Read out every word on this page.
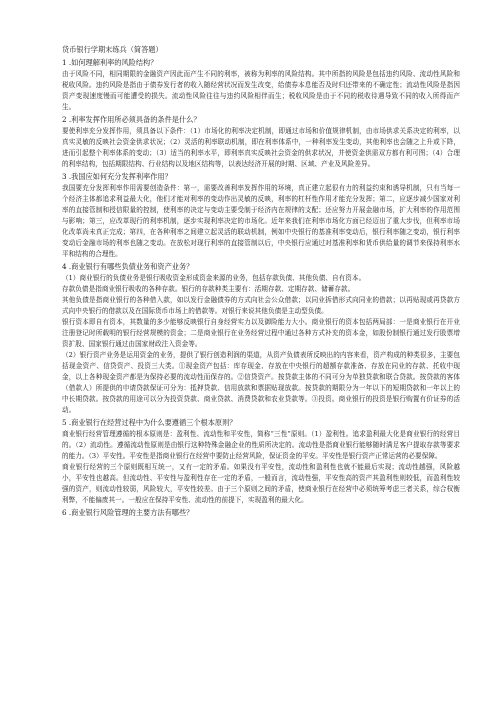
货币银行学期末练兵（简答题）
1 .如何理解利率的风险结构？
由于风险不同，相同期限的金融资产因此而产生不同的利率，被称为利率的风险结构。其中所指的风险是包括违约风险、流动性风险和税收风险。违约风险是指由于债券发行者的收入随经营状况而发生改变，给债券本息能否及时归还带来的不确定性；流动性风险是指因资产变现速度慢而可能遭受的损失。流动性风险往往与违约风险相伴而生；税收风险是由于不同的税收待遇导致不同的收入所得而产生。
2 .利率发挥作用所必须具备的条件是什么？
要使利率充分发挥作用，须具备以下条件：（1）市场化的利率决定机制，即通过市场和价值规律机制，由市场供求关系决定的利率，以真实灵敏的反映社会资金供求状况；（2）灵活的利率联动机制，即在利率体系中，一种利率发生变动，其他利率也会随之上升或下降，进而引起整个利率体系的变动；（3）适当的利率水平，即利率真实反映社会资金的供求状况，并使资金供需双方都有利可图；（4）合理的利率结构，包括期限结构、行业结构以及地区结构等，以表达经济开展的时期、区域、产业及风险差异。
3 .我国应如何充分发挥利率作用？
我国要充分发挥利率作用需要创造条件：第一，需要改善利率发挥作用的环境，真正建立起很有力的利益约束和诱导机制，只有当每一个经济主体都追求利益最大化，他们才能对利率的变动作出灵敏的反映，利率的杠杆性作用才能充分发挥；第二，应逐步减少国家对利率的直接管制和授信限量的控制，使利率的决定与变动主要受制于经济内在规律的支配；还应努力开展金融市场，扩大利率的作用范围与影响；第三，应改革现行的利率机制，逐步实现利率决定的市场化。近年来我们在利率市场化方面已经迈出了重大步伐，但利率市场化改革尚未真正完成；第四，在各种利率之间建立起灵活的联动机制，例如中央银行的基准利率变动后，银行利率随之变动，银行利率变动后金融市场的利率也随之变动。在放松对现行利率的直接管制以后，中央银行应通过对基准利率和货币供给量的调节来保持利率水平和结构的合理性。
4 .商业银行有哪些负债业务和资产业务？
（1）商业银行的负债业务是银行吸收资金形成资金来源的业务，包括存款负债、其他负债、自有资本。
存款负债是指商业银行吸收的各种存款。银行的存款种类主要有：活期存款、定期存款、储蓄存款。
其他负债是指商业银行的各种借入款，如以发行金融债券的方式向社会公众借款；以同业拆借形式向同业的借款；以再贴现或再贷款方式向中央银行的借款以及在国际货币市场上的借款等。对银行来说其他负债是主动型负债。
银行资本即自有资本，其数量的多少能够反映银行自身经营实力以及御险能力大小。商业银行的资本包括两局部：一是商业银行在开业注册登记时所载明的银行经营规模的资金；二是商业银行在业务经营过程中通过各种方式补充的资本金，如股份制银行通过发行股票增资扩股、国家银行通过由国家财政注入资金等。
（2）银行资产业务是运用资金的业务，提供了银行创造利润的渠道，从资产负债表所反映出的内容来看，资产构成的种类很多，主要包括现金资产、信贷资产、投资三大类。①现金资产包括：库存现金、存放在中央银行的超额存款准备、存放在同业的存款、托收中现金，以上各种现金资产都是为保持必要的流动性而保存的。②信贷资产。按贷款主体的不同可分为单独贷款和联合贷款。按贷款的客体（借款人）所提供的申请贷款保证可分为：抵押贷款、信用放款和票据贴现放款。按贷款的期限分为一年以下的短期贷款和一年以上的中长期贷款。按贷款的用途可以分为投资贷款、商业贷款、消费贷款和农业贷款等。③投资。商业银行的投资是银行购置有价证券的活动。
5 .商业银行在经营过程中为什么要遵循三个根本原则？
商业银行经营管理遵循的根本原则是：盈利性、流动性和平安性，简称“三性”原则。（1）盈利性。追求盈利最大化是商业银行的经营目的。（2）流动性。遵循流动性原则是由银行这种特殊金融企业的性质所决定的。流动性是指商业银行能够随时满足客户提取存款等要求的能力。（3）平安性。平安性是指商业银行在经营中要防止经营风险，保证资金的平安。平安性是银行资产正常运营的必要保障。
商业银行经营的三个原则既相互统一，又有一定的矛盾。如果没有平安性，流动性和盈利性也就不能最后实现；流动性越强，风险越小，平安性也越高。但流动性、平安性与盈利性存在一定的矛盾，一般而言，流动性强，平安性高的资产其盈利性则较低，而盈利性较强的资产，则流动性较弱，风险较大，平安性较差。由于三个原则之间的矛盾，使商业银行在经营中必须统筹考虑三者关系，综合权衡利弊，不能偏废其一。一般应在保持平安性、流动性的前提下，实现盈利的最大化。
6 .商业银行风险管理的主要方法有哪些？
